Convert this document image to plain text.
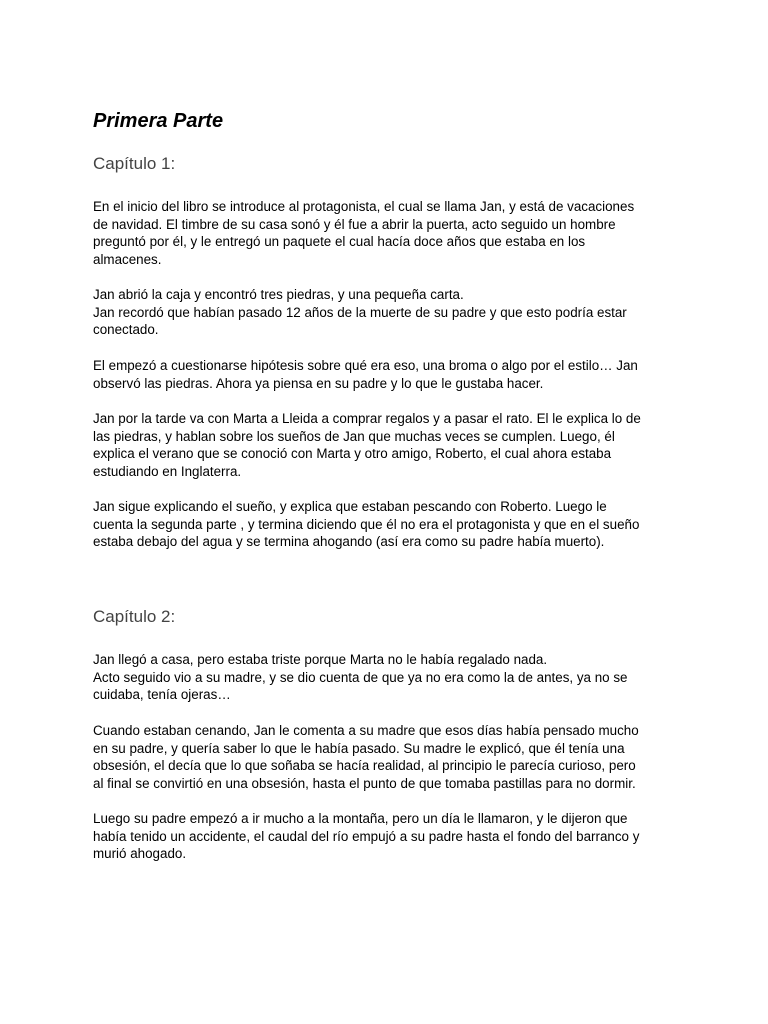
Primera Parte
Capítulo 1:

En el inicio del libro se introduce al protagonista, el cual se llama Jan, y está de vacaciones
de navidad. El timbre de su casa sonó y él fue a abrir la puerta, acto seguido un hombre
preguntó por él, y le entregó un paquete el cual hacía doce años que estaba en los
almacenes.

Jan abrió la caja y encontró tres piedras, y una pequeña carta.
Jan recordó que habían pasado 12 años de la muerte de su padre y que esto podría estar
conectado.

El empezó a cuestionarse hipótesis sobre qué era eso, una broma o algo por el estilo… Jan
observó las piedras. Ahora ya piensa en su padre y lo que le gustaba hacer.

Jan por la tarde va con Marta a Lleida a comprar regalos y a pasar el rato. El le explica lo de
las piedras, y hablan sobre los sueños de Jan que muchas veces se cumplen. Luego, él
explica el verano que se conoció con Marta y otro amigo, Roberto, el cual ahora estaba
estudiando en Inglaterra.

Jan sigue explicando el sueño, y explica que estaban pescando con Roberto. Luego le
cuenta la segunda parte , y termina diciendo que él no era el protagonista y que en el sueño
estaba debajo del agua y se termina ahogando (así era como su padre había muerto).

Capítulo 2:

Jan llegó a casa, pero estaba triste porque Marta no le había regalado nada.
Acto seguido vio a su madre, y se dio cuenta de que ya no era como la de antes, ya no se
cuidaba, tenía ojeras…

Cuando estaban cenando, Jan le comenta a su madre que esos días había pensado mucho
en su padre, y quería saber lo que le había pasado. Su madre le explicó, que él tenía una
obsesión, el decía que lo que soñaba se hacía realidad, al principio le parecía curioso, pero
al final se convirtió en una obsesión, hasta el punto de que tomaba pastillas para no dormir.

Luego su padre empezó a ir mucho a la montaña, pero un día le llamaron, y le dijeron que
había tenido un accidente, el caudal del río empujó a su padre hasta el fondo del barranco y
murió ahogado.
